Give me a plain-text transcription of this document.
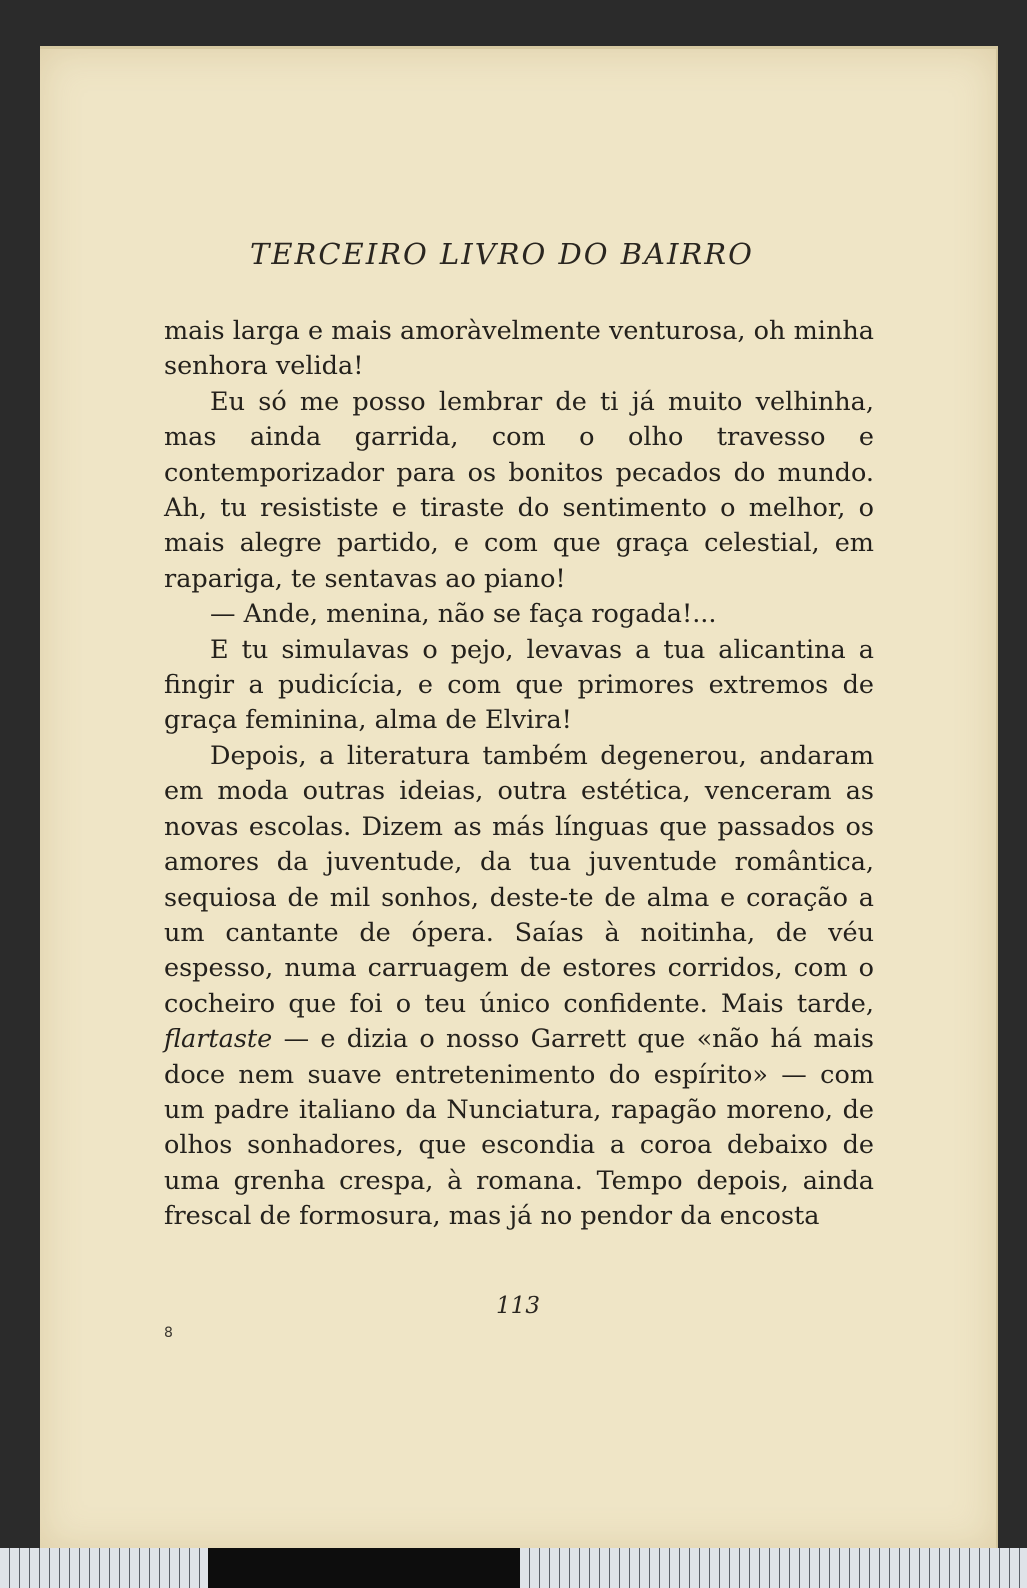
TERCEIRO LIVRO DO BAIRRO

mais larga e mais amoràvelmente venturosa, oh minha senhora velida!

Eu só me posso lembrar de ti já muito velhinha, mas ainda garrida, com o olho travesso e contemporizador para os bonitos pecados do mundo. Ah, tu resististe e tiraste do sentimento o melhor, o mais alegre partido, e com que graça celestial, em rapariga, te sentavas ao piano!

— Ande, menina, não se faça rogada!...

E tu simulavas o pejo, levavas a tua alicantina a fingir a pudicícia, e com que primores extremos de graça feminina, alma de Elvira!

Depois, a literatura também degenerou, andaram em moda outras ideias, outra estética, venceram as novas escolas. Dizem as más línguas que passados os amores da juventude, da tua juventude romântica, sequiosa de mil sonhos, deste-te de alma e coração a um cantante de ópera. Saías à noitinha, de véu espesso, numa carruagem de estores corridos, com o cocheiro que foi o teu único confidente. Mais tarde, flartaste — e dizia o nosso Garrett que «não há mais doce nem suave entretenimento do espírito» — com um padre italiano da Nunciatura, rapagão moreno, de olhos sonhadores, que escondia a coroa debaixo de uma grenha crespa, à romana. Tempo depois, ainda frescal de formosura, mas já no pendor da encosta

113
8
